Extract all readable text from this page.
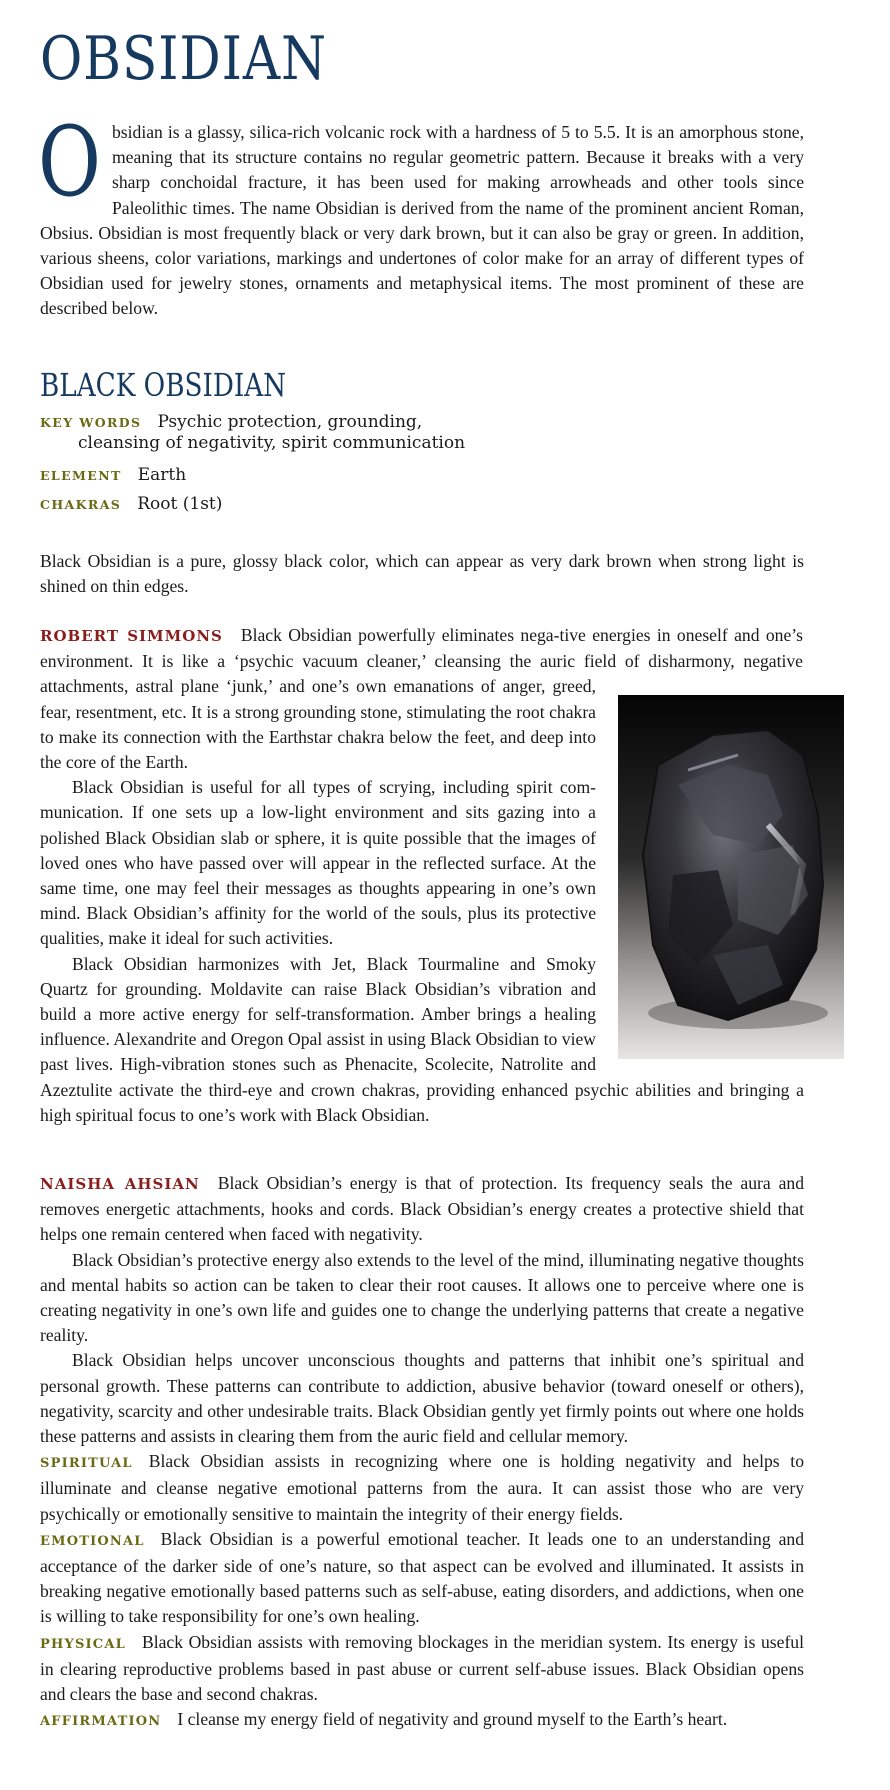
OBSIDIAN

Obsidian is a glassy, silica-rich volcanic rock with a hardness of 5 to 5.5. It is an amorphous stone, meaning that its structure contains no regular geometric pattern. Because it breaks with a very sharp conchoidal fracture, it has been used for making arrowheads and other tools since Paleolithic times. The name Obsidian is derived from the name of the prominent ancient Roman, Obsius. Obsidian is most frequently black or very dark brown, but it can also be gray or green. In addition, various sheens, color variations, markings and undertones of color make for an array of different types of Obsidian used for jewelry stones, ornaments and metaphysical items. The most prominent of these are described below.

BLACK OBSIDIAN
KEY WORDS Psychic protection, grounding,
cleansing of negativity, spirit communication
ELEMENT Earth
CHAKRAS Root (1st)

Black Obsidian is a pure, glossy black color, which can appear as very dark brown when strong light is shined on thin edges.

NAISHA AHSIAN Black Obsidian’s energy is that of protection. Its frequency seals the aura and removes energetic attachments, hooks and cords. Black Obsidian’s energy creates a protective shield that helps one remain centered when faced with negativity.

Black Obsidian’s protective energy also extends to the level of the mind, illuminating negative thoughts and mental habits so action can be taken to clear their root causes. It allows one to perceive where one is creating negativity in one’s own life and guides one to change the underlying patterns that create a negative reality.

Black Obsidian helps uncover unconscious thoughts and patterns that inhibit one’s spiritual and personal growth. These patterns can contribute to addiction, abusive behavior (toward oneself or others), negativity, scarcity and other undesirable traits. Black Obsidian gently yet firmly points out where one holds these patterns and assists in clearing them from the auric field and cellular memory.

SPIRITUAL Black Obsidian assists in recognizing where one is holding negativity and helps to illuminate and cleanse negative emotional patterns from the aura. It can assist those who are very psychically or emotionally sensitive to maintain the integrity of their energy fields.

EMOTIONAL Black Obsidian is a powerful emotional teacher. It leads one to an understanding and acceptance of the darker side of one’s nature, so that aspect can be evolved and illuminated. It assists in breaking negative emotionally based patterns such as self-abuse, eating disorders, and addictions, when one is willing to take responsibility for one’s own healing.

PHYSICAL Black Obsidian assists with removing blockages in the meridian system. Its energy is useful in clearing reproductive problems based in past abuse or current self-abuse issues. Black Obsidian opens and clears the base and second chakras.

AFFIRMATION I cleanse my energy field of negativity and ground myself to the Earth’s heart.

ROBERT SIMMONS Black Obsidian powerfully eliminates nega-tive energies in oneself and one’s environment. It is like a ‘psychic vacuum cleaner,’ cleansing the auric field of disharmony, negative attachments, astral plane ‘junk,’ and one’s own emanations of anger, greed, fear, resentment, etc. It is a strong grounding stone, stimulating the root chakra to make its connection with the Earthstar chakra below the feet, and deep into the core of the Earth.

Black Obsidian is useful for all types of scrying, including spirit communication. If one sets up a low-light environment and sits gazing into a polished Black Obsidian slab or sphere, it is quite possible that the images of loved ones who have passed over will appear in the reflected surface. At the same time, one may feel their messages as thoughts appearing in one’s own mind. Black Obsidian’s affinity for the world of the souls, plus its protective qualities, make it ideal for such activities.

Black Obsidian harmonizes with Jet, Black Tourmaline and Smoky Quartz for grounding. Moldavite can raise Black Obsidian’s vibration and build a more active energy for self-transformation. Amber brings a healing influence. Alexandrite and Oregon Opal assist in using Black Obsidian to view past lives. High-vibration stones such as Phenacite, Scolecite, Natrolite and Azeztulite activate the third-eye and crown chakras, providing enhanced psychic abilities and bringing a high spiritual focus to one’s work with Black Obsidian.
